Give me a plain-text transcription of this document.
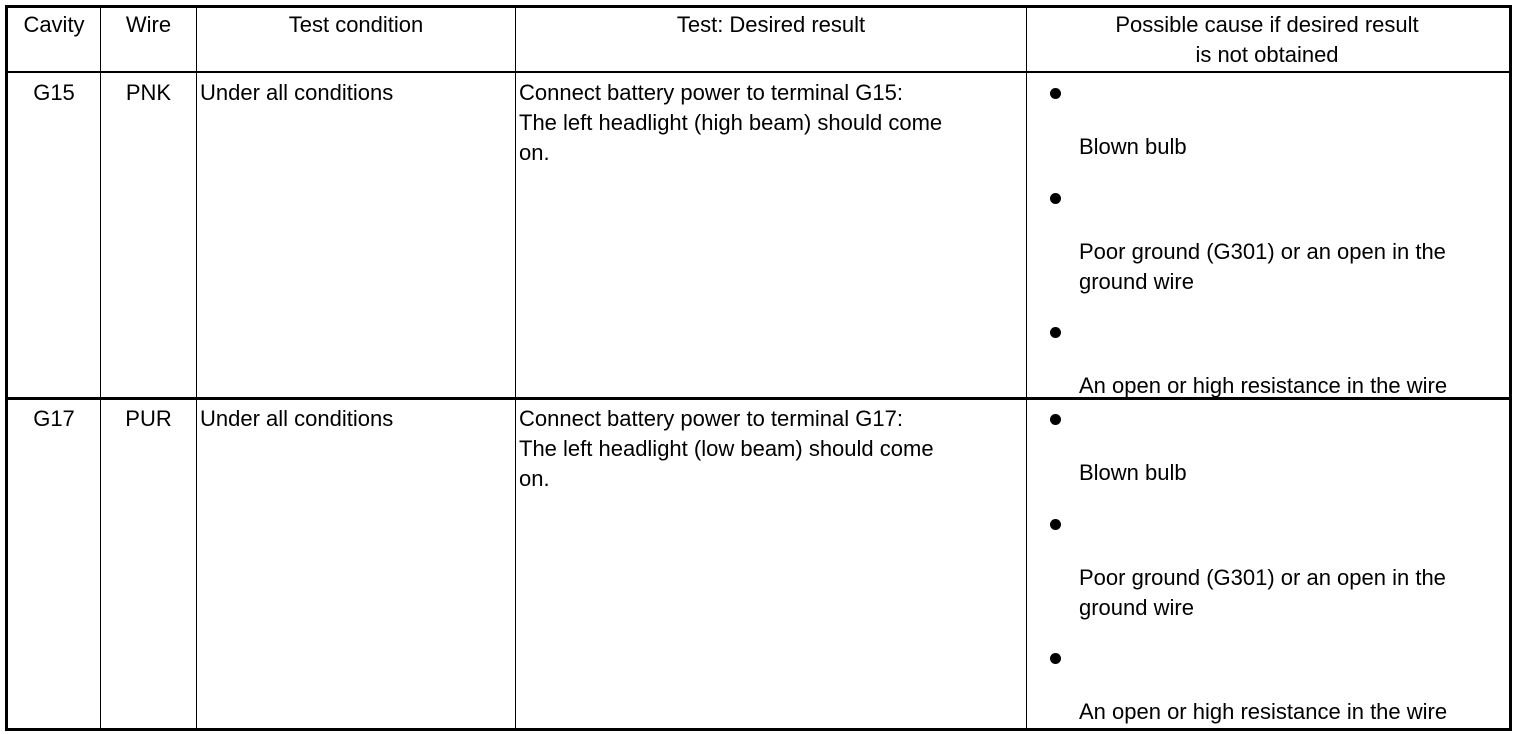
Cavity	Wire	Test condition	Test: Desired result	Possible cause if desired result
is not obtained
G15	PNK	Under all conditions	Connect battery power to terminal G15:
The left headlight (high beam) should come
on.	Blown bulb
Poor ground (G301) or an open in the
ground wire
An open or high resistance in the wire
G17	PUR	Under all conditions	Connect battery power to terminal G17:
The left headlight (low beam) should come
on.	Blown bulb
Poor ground (G301) or an open in the
ground wire
An open or high resistance in the wire
